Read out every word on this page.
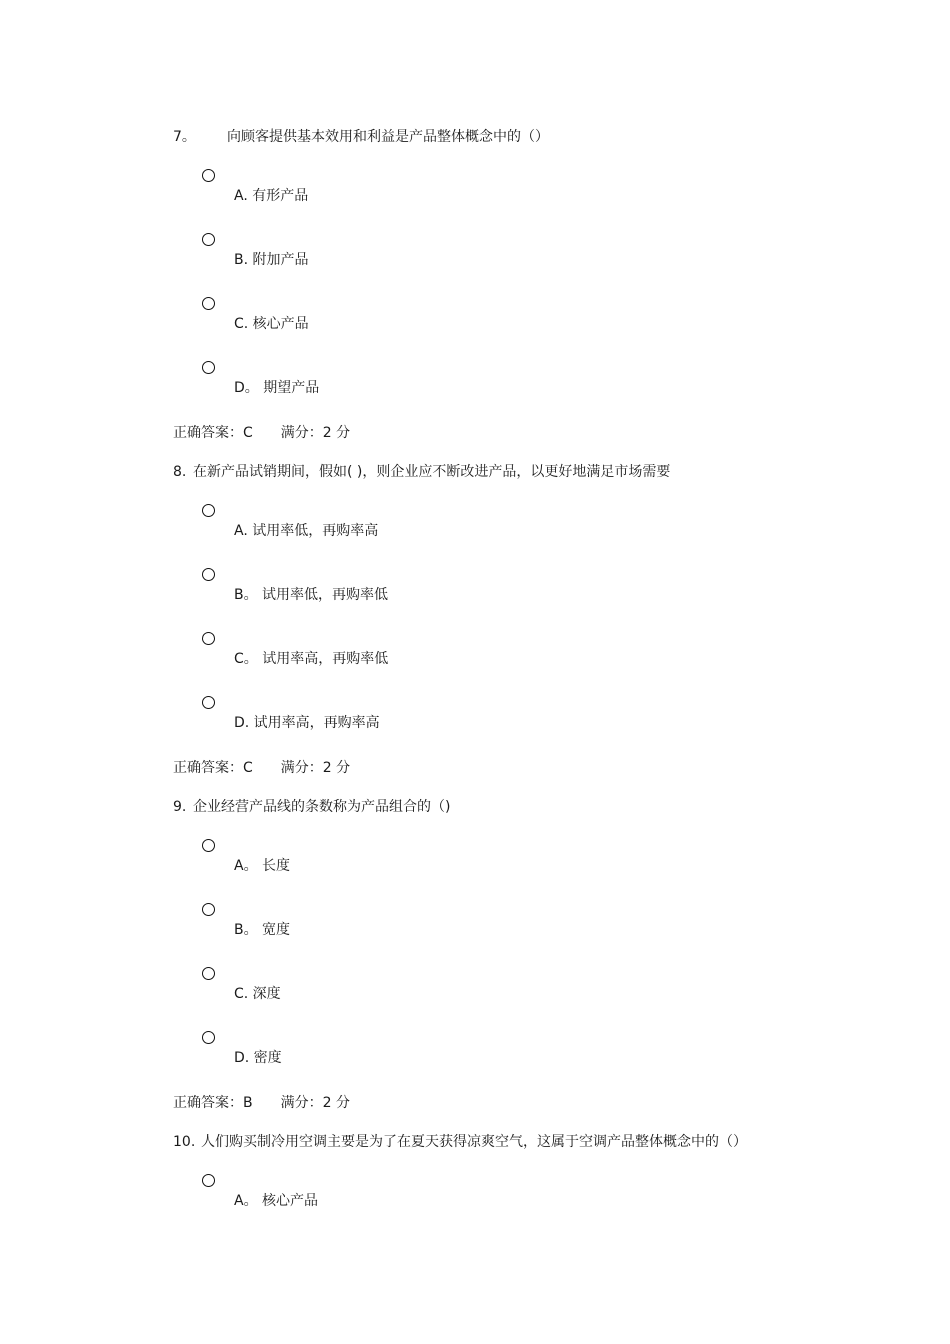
7。 向顾客提供基本效用和利益是产品整体概念中的（）
A. 有形产品
B. 附加产品
C. 核心产品
D。 期望产品
正确答案：C 满分：2 分
8. 在新产品试销期间，假如( )，则企业应不断改进产品，以更好地满足市场需要
A. 试用率低，再购率高
B。 试用率低，再购率低
C。 试用率高，再购率低
D. 试用率高，再购率高
正确答案：C 满分：2 分
9. 企业经营产品线的条数称为产品组合的（)
A。 长度
B。 宽度
C. 深度
D. 密度
正确答案：B 满分：2 分
10. 人们购买制冷用空调主要是为了在夏天获得凉爽空气，这属于空调产品整体概念中的（）
A。 核心产品
